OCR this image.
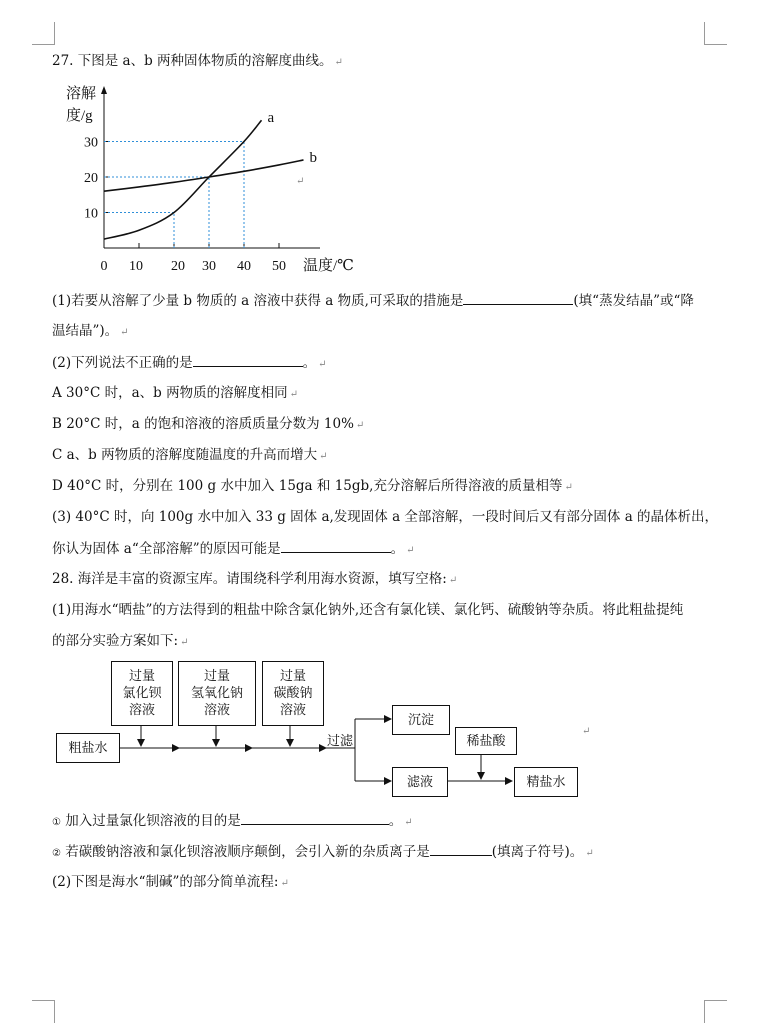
27. 下图是 a、b 两种固体物质的溶解度曲线。 ↵
0 10 20 30 40 50
10
20
30
溶解
度/g
温度/℃
a
b
↵
(1)若要从溶解了少量 b 物质的 a 溶液中获得 a 物质,可采取的措施是	(填“蒸发结晶”或“降
温结晶”)。 ↵
(2)下列说法不正确的是	。 ↵
A 30°C 时，a、b 两物质的溶解度相同 ↵
B 20°C 时，a 的饱和溶液的溶质质量分数为 10% ↵
C a、b 两物质的溶解度随温度的升高而增大 ↵
D 40°C 时，分别在 100 g 水中加入 15ga 和 15gb,充分溶解后所得溶液的质量相等 ↵
(3) 40°C 时，向 100g 水中加入 33 g 固体 a,发现固体 a 全部溶解，一段时间后又有部分固体 a 的晶体析出，
你认为固体 a“全部溶解”的原因可能是	。 ↵
28. 海洋是丰富的资源宝库。请围绕科学利用海水资源，填写空格: ↵
(1)用海水“晒盐”的方法得到的粗盐中除含氯化钠外,还含有氯化镁、氯化钙、硫酸钠等杂质。将此粗盐提纯
的部分实验方案如下: ↵
过量
氯化钡
溶液
过量
氢氧化钠
溶液
过量
碳酸钠
溶液
粗盐水	过滤
沉淀
滤液
稀盐酸
精盐水
↵
① 加入过量氯化钡溶液的目的是	。 ↵
② 若碳酸钠溶液和氯化钡溶液顺序颠倒，会引入新的杂质离子是	(填离子符号)。 ↵
(2)下图是海水“制碱”的部分简单流程: ↵
